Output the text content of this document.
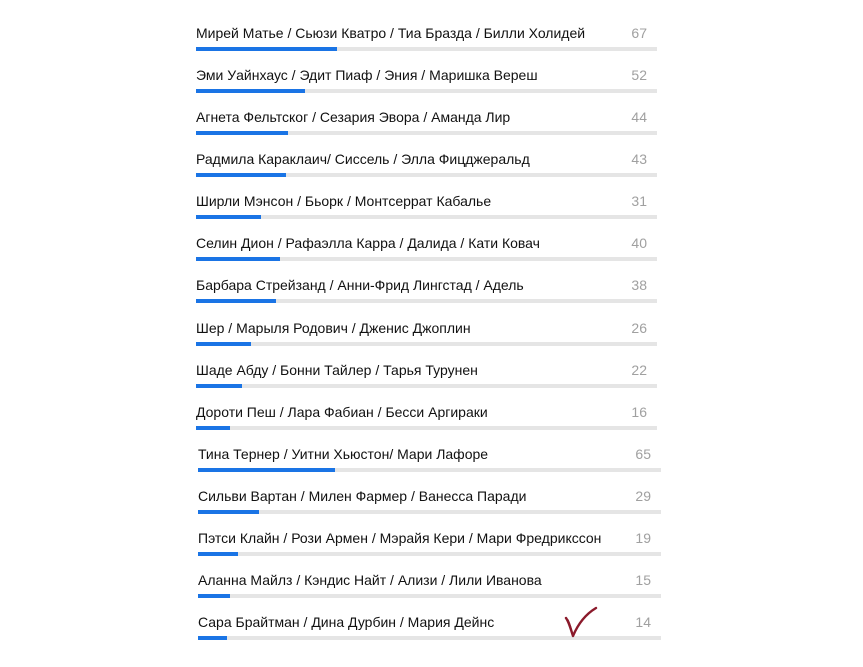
Мирей Матье / Сьюзи Кватро / Тиа Бразда / Билли Холидей	67
Эми Уайнхаус / Эдит Пиаф / Эния / Маришка Вереш	52
Агнета Фельтског / Сезария Эвора / Аманда Лир	44
Радмила Караклаич/ Сиссель / Элла Фицджеральд	43
Ширли Мэнсон / Бьорк / Монтсеррат Кабалье	31
Селин Дион / Рафаэлла Карра / Далида / Кати Ковач	40
Барбара Стрейзанд / Анни-Фрид Лингстад / Адель	38
Шер / Марыля Родович / Дженис Джоплин	26
Шаде Абду / Бонни Тайлер / Тарья Турунен	22
Дороти Пеш / Лара Фабиан / Бесси Аргираки	16
Тина Тернер / Уитни Хьюстон/ Мари Лафоре	65
Сильви Вартан / Милен Фармер / Ванесса Паради	29
Пэтси Клайн / Рози Армен / Мэрайя Кери / Мари Фредрикссон 19
Аланна Майлз / Кэндис Найт / Ализи / Лили Иванова	15
Сара Брайтман / Дина Дурбин / Мария Дейнс	14
